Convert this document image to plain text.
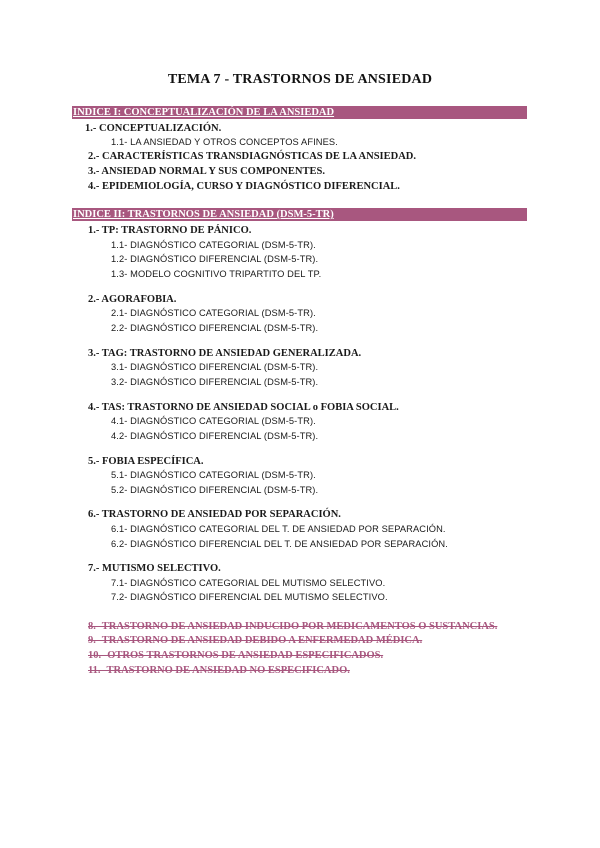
TEMA 7 - TRASTORNOS DE ANSIEDAD
INDICE I: CONCEPTUALIZACIÓN DE LA ANSIEDAD
1.- CONCEPTUALIZACIÓN.
1.1- LA ANSIEDAD Y OTROS CONCEPTOS AFINES.
2.- CARACTERÍSTICAS TRANSDIAGNÓSTICAS DE LA ANSIEDAD.
3.- ANSIEDAD NORMAL Y SUS COMPONENTES.
4.- EPIDEMIOLOGÍA, CURSO Y DIAGNÓSTICO DIFERENCIAL.
INDICE II: TRASTORNOS DE ANSIEDAD (DSM-5-TR)
1.- TP: TRASTORNO DE PÁNICO.
1.1- DIAGNÓSTICO CATEGORIAL (DSM-5-TR).
1.2- DIAGNÓSTICO DIFERENCIAL (DSM-5-TR).
1.3- MODELO COGNITIVO TRIPARTITO DEL TP.
2.- AGORAFOBIA.
2.1- DIAGNÓSTICO CATEGORIAL (DSM-5-TR).
2.2- DIAGNÓSTICO DIFERENCIAL (DSM-5-TR).
3.- TAG: TRASTORNO DE ANSIEDAD GENERALIZADA.
3.1- DIAGNÓSTICO DIFERENCIAL (DSM-5-TR).
3.2- DIAGNÓSTICO DIFERENCIAL (DSM-5-TR).
4.- TAS: TRASTORNO DE ANSIEDAD SOCIAL o FOBIA SOCIAL.
4.1- DIAGNÓSTICO CATEGORIAL (DSM-5-TR).
4.2- DIAGNÓSTICO DIFERENCIAL (DSM-5-TR).
5.- FOBIA ESPECÍFICA.
5.1- DIAGNÓSTICO CATEGORIAL (DSM-5-TR).
5.2- DIAGNÓSTICO DIFERENCIAL (DSM-5-TR).
6.- TRASTORNO DE ANSIEDAD POR SEPARACIÓN.
6.1- DIAGNÓSTICO CATEGORIAL DEL T. DE ANSIEDAD POR SEPARACIÓN.
6.2- DIAGNÓSTICO DIFERENCIAL DEL T. DE ANSIEDAD POR SEPARACIÓN.
7.- MUTISMO SELECTIVO.
7.1- DIAGNÓSTICO CATEGORIAL DEL MUTISMO SELECTIVO.
7.2- DIAGNÓSTICO DIFERENCIAL DEL MUTISMO SELECTIVO.
8.- TRASTORNO DE ANSIEDAD INDUCIDO POR MEDICAMENTOS O SUSTANCIAS.
9.- TRASTORNO DE ANSIEDAD DEBIDO A ENFERMEDAD MÉDICA.
10.- OTROS TRASTORNOS DE ANSIEDAD ESPECIFICADOS.
11.- TRASTORNO DE ANSIEDAD NO ESPECIFICADO.
